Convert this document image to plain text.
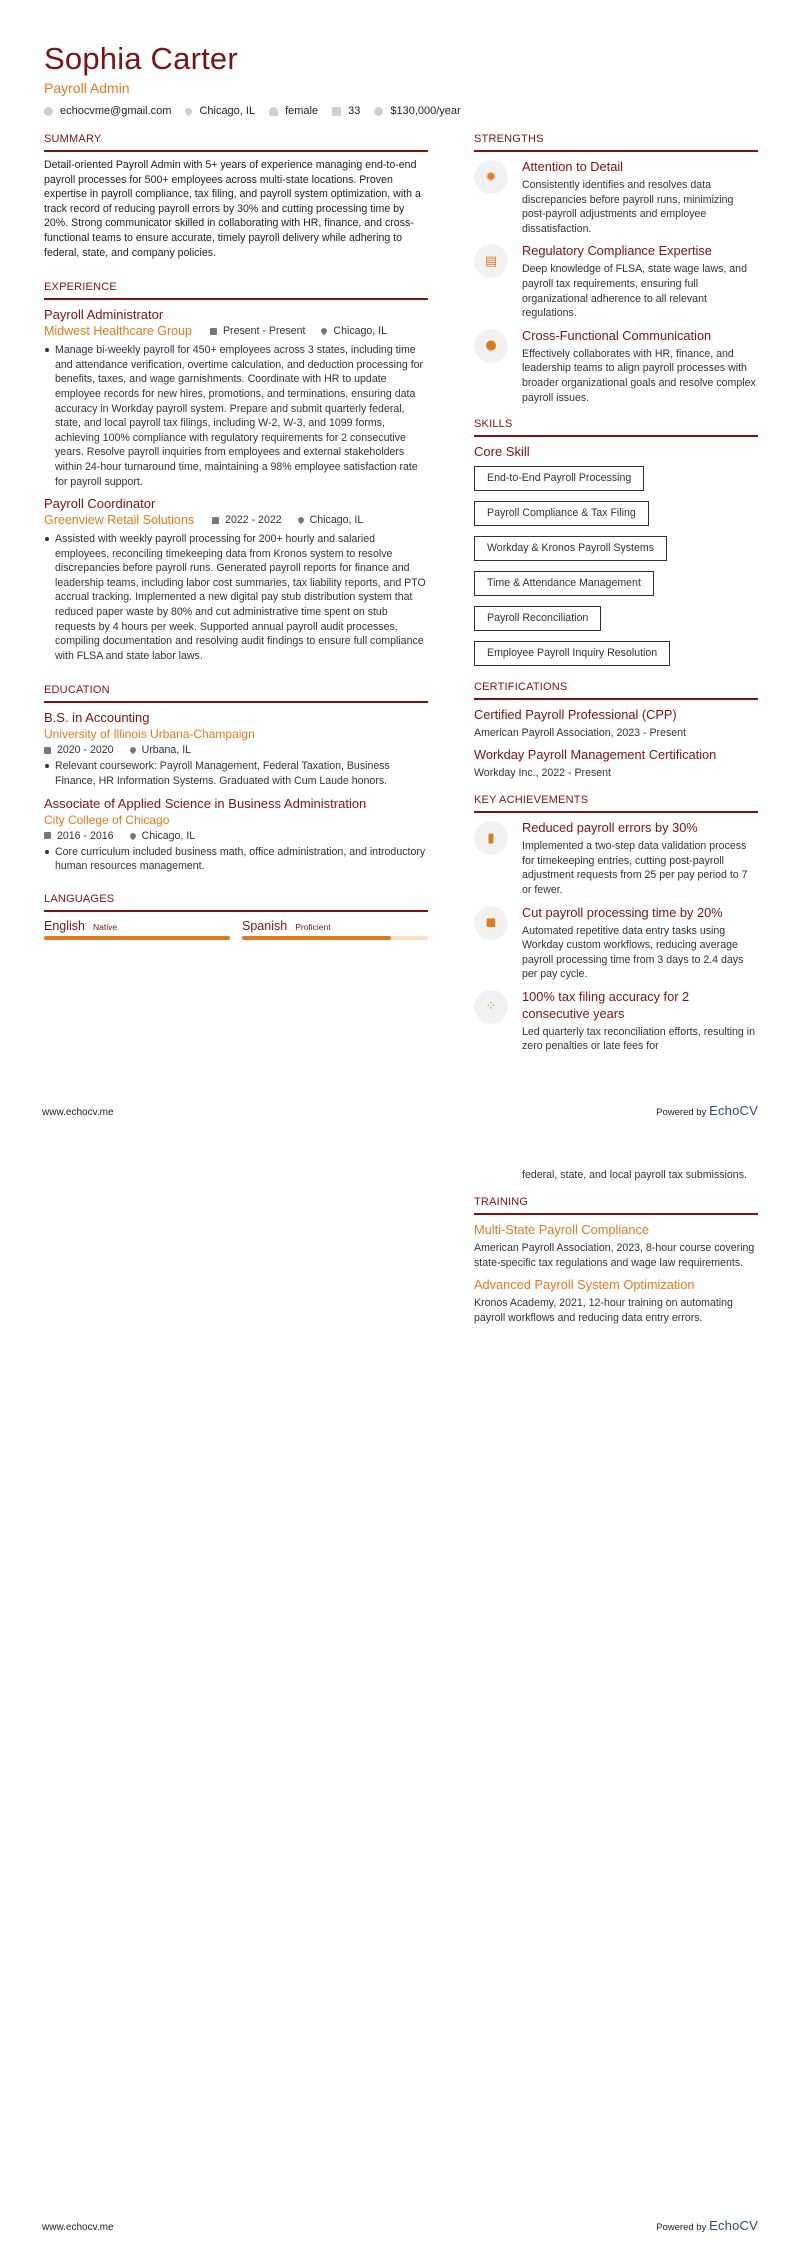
Sophia Carter
Payroll Admin
echocvme@gmail.com	Chicago, IL	female	33	$130,000/year
SUMMARY
Detail-oriented Payroll Admin with 5+ years of experience managing end-to-end payroll processes for 500+ employees across multi-state locations. Proven expertise in payroll compliance, tax filing, and payroll system optimization, with a track record of reducing payroll errors by 30% and cutting processing time by 20%. Strong communicator skilled in collaborating with HR, finance, and cross-functional teams to ensure accurate, timely payroll delivery while adhering to federal, state, and company policies.
EXPERIENCE
Payroll Administrator
Midwest Healthcare Group	Present - Present	Chicago, IL
Manage bi-weekly payroll for 450+ employees across 3 states, including time and attendance verification, overtime calculation, and deduction processing for benefits, taxes, and wage garnishments. Coordinate with HR to update employee records for new hires, promotions, and terminations, ensuring data accuracy in Workday payroll system. Prepare and submit quarterly federal, state, and local payroll tax filings, including W-2, W-3, and 1099 forms, achieving 100% compliance with regulatory requirements for 2 consecutive years. Resolve payroll inquiries from employees and external stakeholders within 24-hour turnaround time, maintaining a 98% employee satisfaction rate for payroll support.
Payroll Coordinator
Greenview Retail Solutions	2022 - 2022	Chicago, IL
Assisted with weekly payroll processing for 200+ hourly and salaried employees, reconciling timekeeping data from Kronos system to resolve discrepancies before payroll runs. Generated payroll reports for finance and leadership teams, including labor cost summaries, tax liability reports, and PTO accrual tracking. Implemented a new digital pay stub distribution system that reduced paper waste by 80% and cut administrative time spent on stub requests by 4 hours per week. Supported annual payroll audit processes, compiling documentation and resolving audit findings to ensure full compliance with FLSA and state labor laws.
EDUCATION
B.S. in Accounting
University of Illinois Urbana-Champaign
2020 - 2020	Urbana, IL
Relevant coursework: Payroll Management, Federal Taxation, Business Finance, HR Information Systems. Graduated with Cum Laude honors.
Associate of Applied Science in Business Administration
City College of Chicago
2016 - 2016	Chicago, IL
Core curriculum included business math, office administration, and introductory human resources management.
LANGUAGES
English Native	Spanish Proficient
STRENGTHS
✹
Attention to Detail
Consistently identifies and resolves data discrepancies before payroll runs, minimizing post-payroll adjustments and employee dissatisfaction.
▤
Regulatory Compliance Expertise
Deep knowledge of FLSA, state wage laws, and payroll tax requirements, ensuring full organizational adherence to all relevant regulations.
●
Cross-Functional Communication
Effectively collaborates with HR, finance, and leadership teams to align payroll processes with broader organizational goals and resolve complex payroll issues.
SKILLS
Core Skill
End-to-End Payroll Processing
Payroll Compliance & Tax Filing
Workday & Kronos Payroll Systems
Time & Attendance Management
Payroll Reconciliation
Employee Payroll Inquiry Resolution
CERTIFICATIONS
Certified Payroll Professional (CPP)
American Payroll Association, 2023 - Present
Workday Payroll Management Certification
Workday Inc., 2022 - Present
KEY ACHIEVEMENTS
▮
Reduced payroll errors by 30%
Implemented a two-step data validation process for timekeeping entries, cutting post-payroll adjustment requests from 25 per pay period to 7 or fewer.
◼
Cut payroll processing time by 20%
Automated repetitive data entry tasks using Workday custom workflows, reducing average payroll processing time from 3 days to 2.4 days per pay cycle.
⁘
100% tax filing accuracy for 2 consecutive years
Led quarterly tax reconciliation efforts, resulting in zero penalties or late fees for
www.echocv.me	Powered by EchoCV
federal, state, and local payroll tax submissions.
TRAINING
Multi-State Payroll Compliance
American Payroll Association, 2023, 8-hour course covering state-specific tax regulations and wage law requirements.
Advanced Payroll System Optimization
Kronos Academy, 2021, 12-hour training on automating payroll workflows and reducing data entry errors.
www.echocv.me	Powered by EchoCV
